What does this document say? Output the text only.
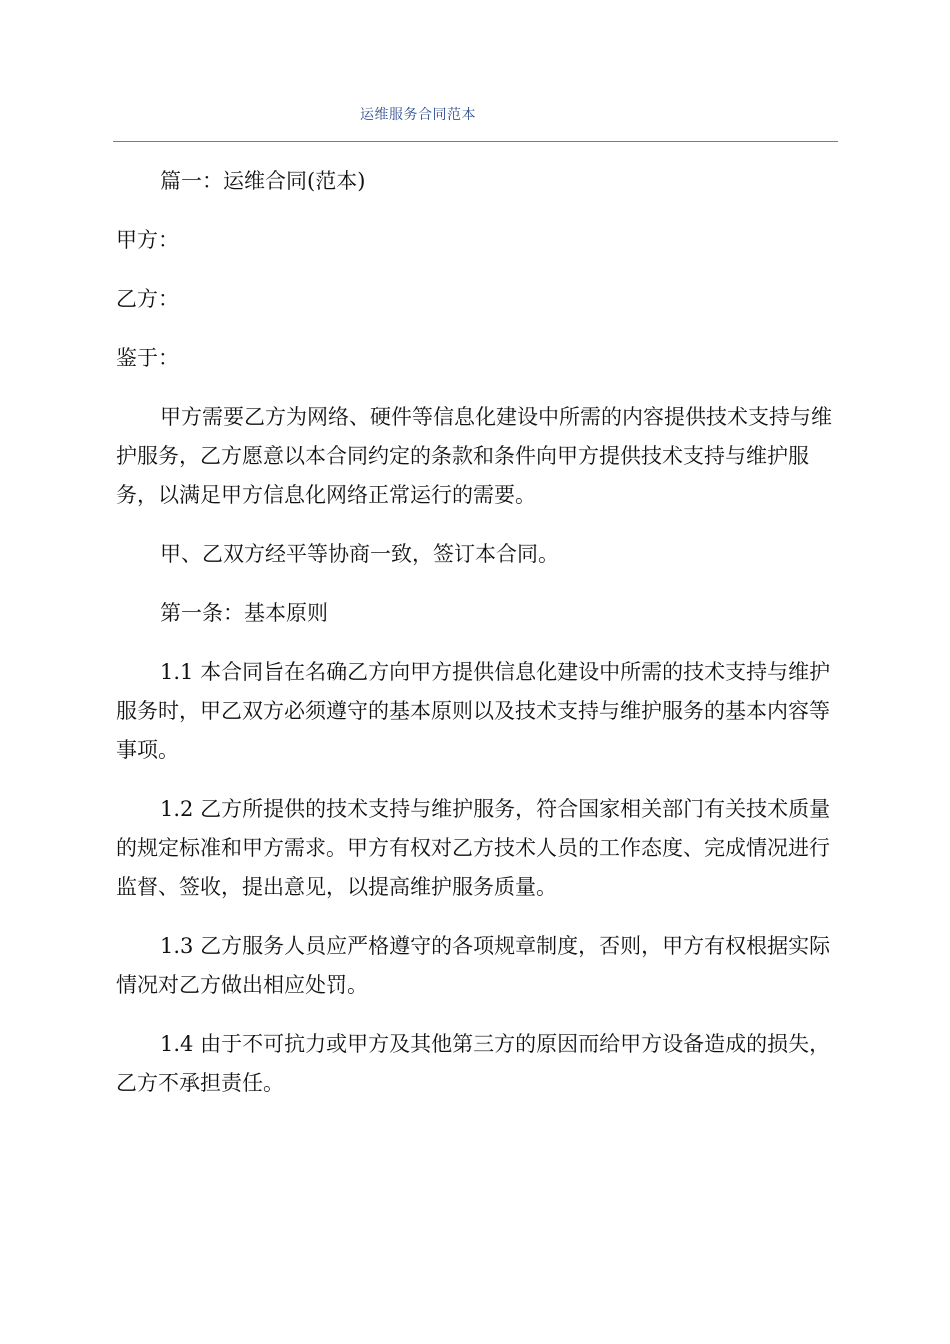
运维服务合同范本

篇一：运维合同(范本)

甲方：

乙方：

鉴于：

甲方需要乙方为网络、硬件等信息化建设中所需的内容提供技术支持与维护服务，乙方愿意以本合同约定的条款和条件向甲方提供技术支持与维护服务，以满足甲方信息化网络正常运行的需要。

甲、乙双方经平等协商一致，签订本合同。

第一条：基本原则

1.1 本合同旨在名确乙方向甲方提供信息化建设中所需的技术支持与维护服务时，甲乙双方必须遵守的基本原则以及技术支持与维护服务的基本内容等事项。

1.2 乙方所提供的技术支持与维护服务，符合国家相关部门有关技术质量的规定标准和甲方需求。甲方有权对乙方技术人员的工作态度、完成情况进行监督、签收，提出意见，以提高维护服务质量。

1.3 乙方服务人员应严格遵守的各项规章制度，否则，甲方有权根据实际情况对乙方做出相应处罚。

1.4 由于不可抗力或甲方及其他第三方的原因而给甲方设备造成的损失，乙方不承担责任。
